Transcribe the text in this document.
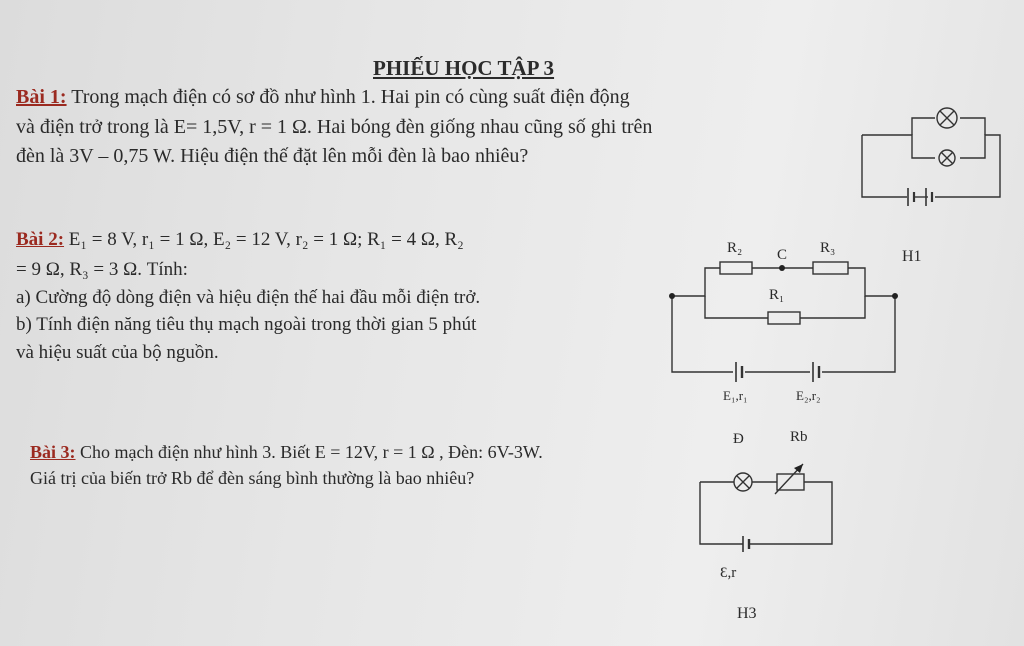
PHIẾU HỌC TẬP 3
Bài 1: Trong mạch điện có sơ đồ như hình 1. Hai pin có cùng suất điện động
và điện trở trong là E= 1,5V, r = 1 Ω. Hai bóng đèn giống nhau cũng số ghi trên
đèn là 3V – 0,75 W. Hiệu điện thế đặt lên mỗi đèn là bao nhiêu?
Bài 2: E₁ = 8 V, r₁ = 1 Ω, E₂ = 12 V, r₂ = 1 Ω; R₁ = 4 Ω, R₂
= 9 Ω, R₃ = 3 Ω. Tính:
a) Cường độ dòng điện và hiệu điện thế hai đầu mỗi điện trở.
b) Tính điện năng tiêu thụ mạch ngoài trong thời gian 5 phút
và hiệu suất của bộ nguồn.
Bài 3: Cho mạch điện như hình 3. Biết E = 12V, r = 1 Ω , Đèn: 6V-3W.
Giá trị của biến trở Rb để đèn sáng bình thường là bao nhiêu?
H1
R₂ C R₃
R₁
E₁,r₁	E₂,r₂
Đ	Rb
Ɛ,r
H3
